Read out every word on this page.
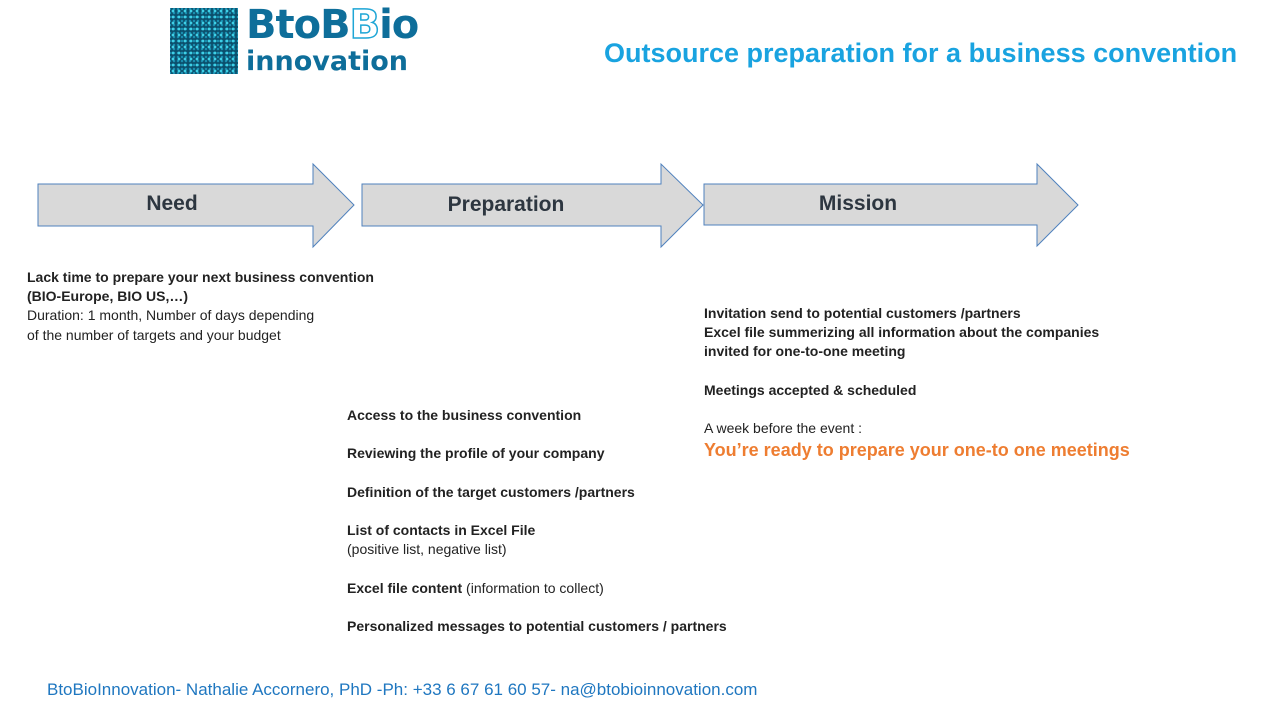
BtoBBio
innovation	Outsource preparation for a business convention
Need	Preparation	Mission
Lack time to prepare your next business convention
(BIO-Europe, BIO US,…)
Duration: 1 month, Number of days depending
of the number of targets and your budget
Access to the business convention
Reviewing the profile of your company
Definition of the target customers /partners
List of contacts in Excel File
(positive list, negative list)
Excel file content (information to collect)
Personalized messages to potential customers / partners
Invitation send to potential customers /partners
Excel file summerizing all information about the companies
invited for one-to-one meeting
Meetings accepted & scheduled
A week before the event :
You’re ready to prepare your one-to one meetings
BtoBioInnovation- Nathalie Accornero, PhD -Ph: +33 6 67 61 60 57- na@btobioinnovation.com
